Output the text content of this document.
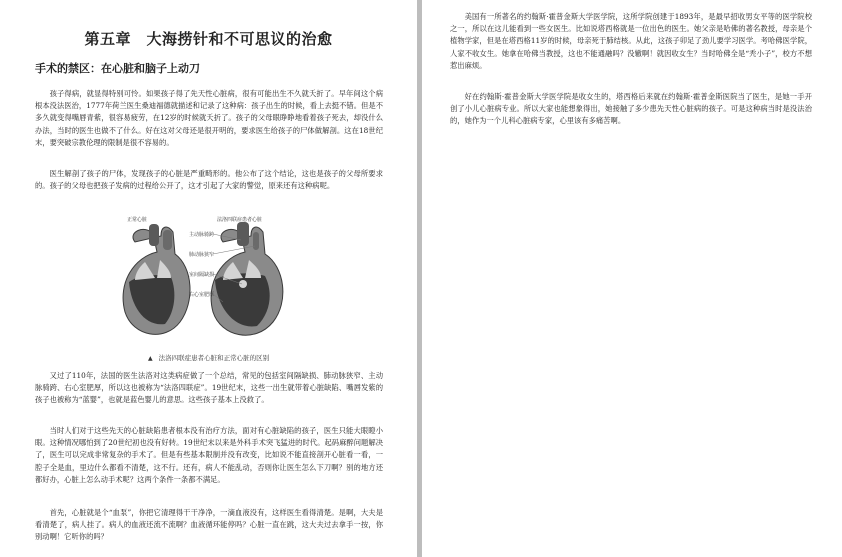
第五章　大海捞针和不可思议的治愈
手术的禁区：在心脏和脑子上动刀

孩子得病，就显得特别可怜。如果孩子得了先天性心脏病，很有可能出生不久就夭折了。早年间这个病根本没法医治，1777年荷兰医生桑迪福德就描述和记录了这种病：孩子出生的时候，看上去挺不错。但是不多久就变得嘴唇青紫，很容易疲劳，在12岁的时候就夭折了。孩子的父母眼睁睁地看着孩子死去，却没什么办法，当时的医生也做不了什么。好在这对父母还是很开明的，要求医生给孩子的尸体做解剖。这在18世纪末，要突破宗教伦理的限制是很不容易的。

医生解剖了孩子的尸体，发现孩子的心脏是严重畸形的。他公布了这个结论，这也是孩子的父母所要求的。孩子的父母也把孩子发病的过程给公开了，这才引起了大家的警觉，原来还有这种病呢。

正常心脏	法洛四联症患者心脏
主动脉骑跨
肺动脉狭窄
室间隔缺损
右心室肥厚
▲ 法洛四联症患者心脏和正常心脏的区别

又过了110年，法国的医生法洛对这类病症做了一个总结，常见的包括室间隔缺损、肺动脉狭窄、主动脉骑跨、右心室肥厚，所以这也被称为“法洛四联症”。19世纪末，这些一出生就带着心脏缺陷、嘴唇发紫的孩子也被称为“蓝婴”，也就是蓝色婴儿的意思。这些孩子基本上没救了。

当时人们对于这些先天的心脏缺陷患者根本没有治疗方法，面对有心脏缺陷的孩子，医生只能大眼瞪小眼。这种情况哪怕到了20世纪初也没有好转。19世纪末以来是外科手术突飞猛进的时代。起码麻醉问题解决了，医生可以完成非常复杂的手术了。但是有些基本限制并没有改变，比如说不能直接剖开心脏看一看，一腔子全是血，里边什么都看不清楚，这不行。还有，病人不能乱动，否则你让医生怎么下刀啊？别的地方还都好办，心脏上怎么动手术呢？这两个条件一条都不满足。

首先，心脏就是个“血泵”，你把它清理得干干净净，一滴血液没有，这样医生看得清楚。是啊，大夫是看清楚了，病人挂了。病人的血液还流不流啊？血液循环能停吗？心脏一直在跳，这大夫过去拿手一按，你别动啊！它听你的吗？

美国有一所著名的约翰斯·霍普金斯大学医学院，这所学院创建于1893年，是最早招收男女平等的医学院校之一，所以在这儿能看到一些女医生。比如说塔西格就是一位出色的医生。她父亲是哈佛的著名教授，母亲是个植物学家，但是在塔西格11岁的时候，母亲死于肺结核。从此，这孩子卯足了劲儿要学习医学。考哈佛医学院，人家不收女生。她拿在哈佛当教授，这也不能通融吗？没辙啊！就因收女生？当时哈佛全是“秃小子”，校方不想惹出麻烦。

好在约翰斯·霍普金斯大学医学院是收女生的，塔西格后来就在约翰斯·霍普金斯医院当了医生，是她一手开创了小儿心脏病专业。所以大家也能想象得出，她接触了多少患先天性心脏病的孩子。可是这种病当时是没法治的，她作为一个儿科心脏病专家，心里该有多痛苦啊。
